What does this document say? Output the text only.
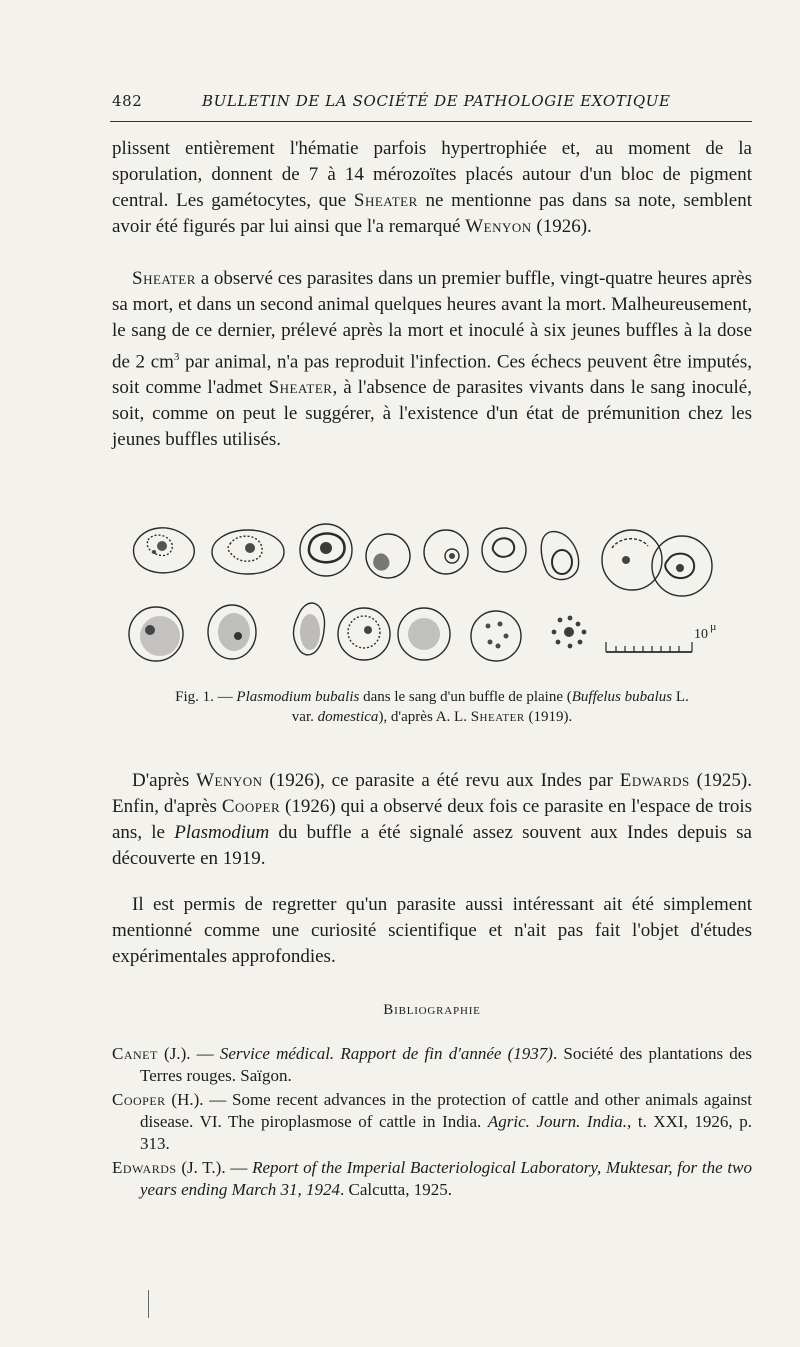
482	BULLETIN DE LA SOCIÉTÉ DE PATHOLOGIE EXOTIQUE

plissent entièrement l'hématie parfois hypertrophiée et, au moment de la sporulation, donnent de 7 à 14 mérozoïtes placés autour d'un bloc de pigment central. Les gamétocytes, que Sheater ne mentionne pas dans sa note, semblent avoir été figurés par lui ainsi que l'a remarqué Wenyon (1926).

Sheater a observé ces parasites dans un premier buffle, vingt-quatre heures après sa mort, et dans un second animal quelques heures avant la mort. Malheureusement, le sang de ce dernier, prélevé après la mort et inoculé à six jeunes buffles à la dose de 2 $cm^3$ par animal, n'a pas reproduit l'infection. Ces échecs peuvent être imputés, soit comme l'admet Sheater, à l'absence de parasites vivants dans le sang inoculé, soit, comme on peut le suggérer, à l'existence d'un état de prémunition chez les jeunes buffles utilisés.

10 µ
Fig. 1. — Plasmodium bubalis dans le sang d'un buffle de plaine (Buffelus bubalus L.
var. domestica), d'après A. L. Sheater (1919).

D'après Wenyon (1926), ce parasite a été revu aux Indes par Edwards (1925). Enfin, d'après Cooper (1926) qui a observé deux fois ce parasite en l'espace de trois ans, le Plasmodium du buffle a été signalé assez souvent aux Indes depuis sa découverte en 1919.

Il est permis de regretter qu'un parasite aussi intéressant ait été simplement mentionné comme une curiosité scientifique et n'ait pas fait l'objet d'études expérimentales approfondies.

Bibliographie

Canet (J.). — Service médical. Rapport de fin d'année (1937). Société des plantations des Terres rouges. Saïgon.

Cooper (H.). — Some recent advances in the protection of cattle and other animals against disease. VI. The piroplasmose of cattle in India. Agric. Journ. India., t. XXI, 1926, p. 313.

Edwards (J. T.). — Report of the Imperial Bacteriological Laboratory, Muktesar, for the two years ending March 31, 1924. Calcutta, 1925.
